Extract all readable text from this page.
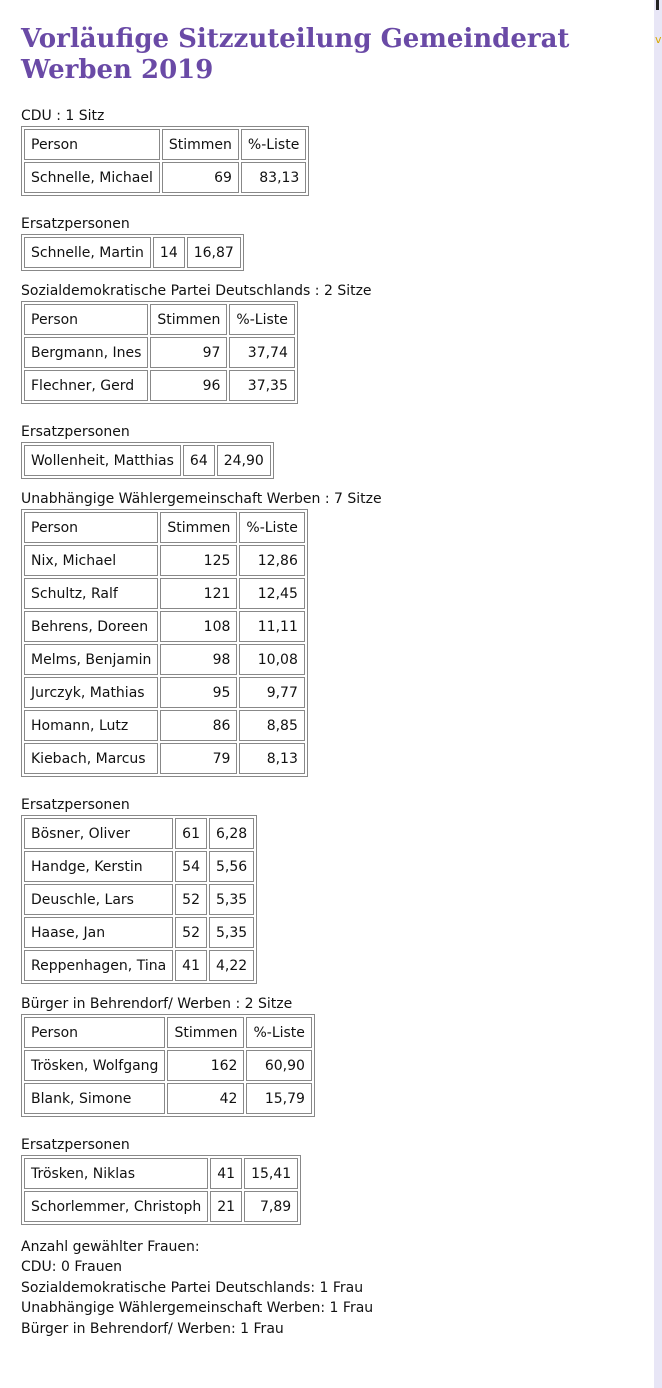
Vorläufige Sitzzuteilung Gemeinderat Werben 2019
CDU : 1 Sitz
Person	Stimmen	%-Liste
Schnelle, Michael	69	83,13
Ersatzpersonen
Schnelle, Martin	14	16,87
Sozialdemokratische Partei Deutschlands : 2 Sitze
Person	Stimmen	%-Liste
Bergmann, Ines	97	37,74
Flechner, Gerd	96	37,35
Ersatzpersonen
Wollenheit, Matthias	64	24,90
Unabhängige Wählergemeinschaft Werben : 7 Sitze
Person	Stimmen	%-Liste
Nix, Michael	125	12,86
Schultz, Ralf	121	12,45
Behrens, Doreen	108	11,11
Melms, Benjamin	98	10,08
Jurczyk, Mathias	95	9,77
Homann, Lutz	86	8,85
Kiebach, Marcus	79	8,13
Ersatzpersonen
Bösner, Oliver	61	6,28
Handge, Kerstin	54	5,56
Deuschle, Lars	52	5,35
Haase, Jan	52	5,35
Reppenhagen, Tina	41	4,22
Bürger in Behrendorf/ Werben : 2 Sitze
Person	Stimmen	%-Liste
Trösken, Wolfgang	162	60,90
Blank, Simone	42	15,79
Ersatzpersonen
Trösken, Niklas	41	15,41
Schorlemmer, Christoph	21	7,89
Anzahl gewählter Frauen:
CDU: 0 Frauen
Sozialdemokratische Partei Deutschlands: 1 Frau
Unabhängige Wählergemeinschaft Werben: 1 Frau
Bürger in Behrendorf/ Werben: 1 Frau
v
